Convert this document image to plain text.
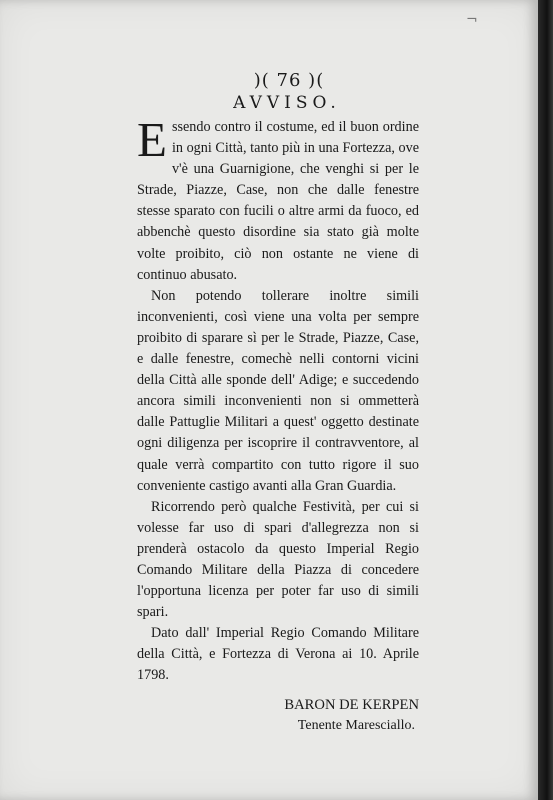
¬
)( 76 )(
AVVISO.

Essendo contro il costume, ed il buon ordine in ogni Città, tanto più in una Fortezza, ove v'è una Guarnigione, che venghi si per le Strade, Piazze, Case, non che dalle fenestre stesse sparato con fucili o altre armi da fuoco, ed abbenchè questo disordine sia stato già molte volte proibito, ciò non ostante ne viene di continuo abusato.

Non potendo tollerare inoltre simili inconvenienti, così viene una volta per sempre proibito di sparare sì per le Strade, Piazze, Case, e dalle fenestre, comechè nelli contorni vicini della Città alle sponde dell' Adige; e succedendo ancora simili inconvenienti non si ommetterà dalle Pattuglie Militari a quest' oggetto destinate ogni diligenza per iscoprire il contravventore, al quale verrà compartito con tutto rigore il suo conveniente castigo avanti alla Gran Guardia.

Ricorrendo però qualche Festività, per cui si volesse far uso di spari d'allegrezza non si prenderà ostacolo da questo Imperial Regio Comando Militare della Piazza di concedere l'opportuna licenza per poter far uso di simili spari.

Dato dall' Imperial Regio Comando Militare della Città, e Fortezza di Verona ai 10. Aprile 1798.

BARON DE KERPEN
Tenente Maresciallo.
